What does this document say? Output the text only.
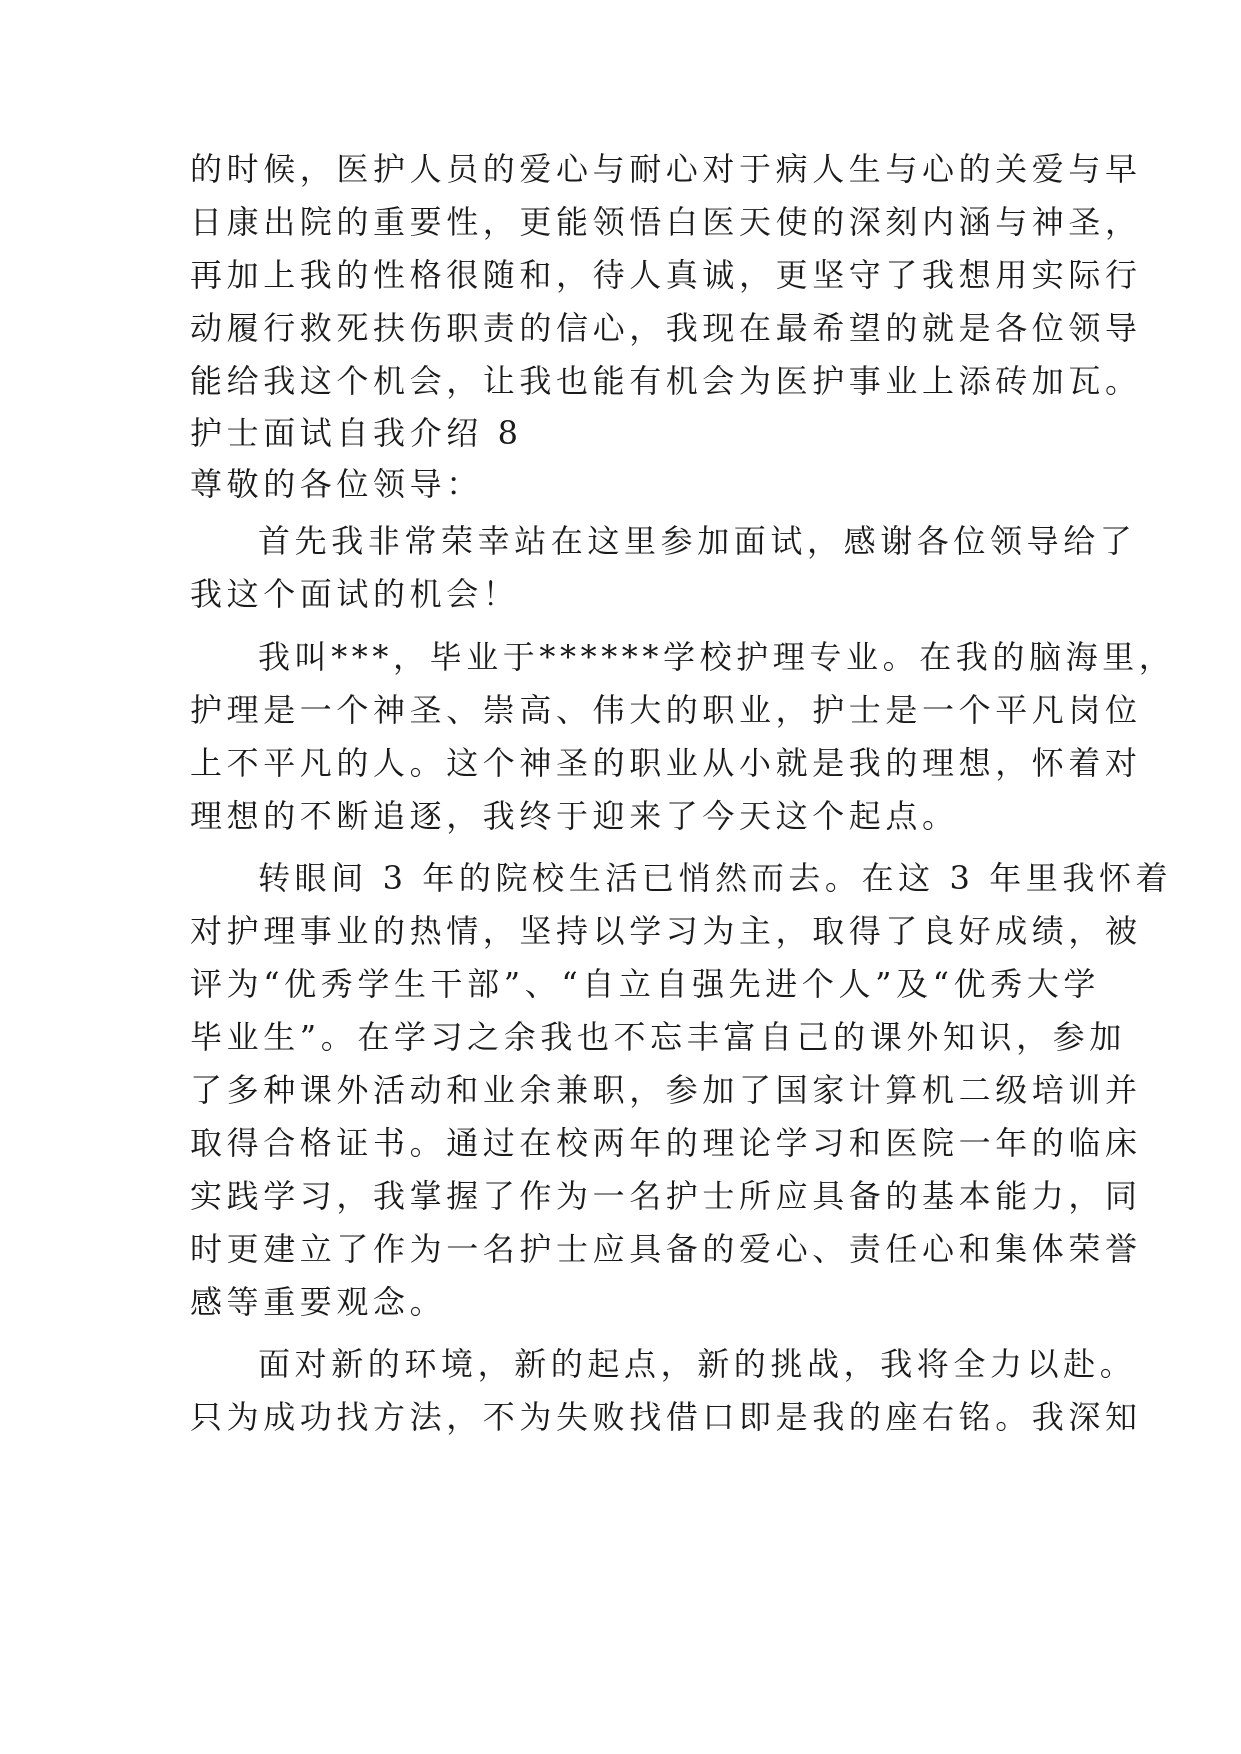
的时候，医护人员的爱心与耐心对于病人生与心的关爱与早
日康出院的重要性，更能领悟白医天使的深刻内涵与神圣，
再加上我的性格很随和，待人真诚，更坚守了我想用实际行
动履行救死扶伤职责的信心，我现在最希望的就是各位领导
能给我这个机会，让我也能有机会为医护事业上添砖加瓦。
护士面试自我介绍 8
尊敬的各位领导：
首先我非常荣幸站在这里参加面试，感谢各位领导给了
我这个面试的机会！
我叫***，毕业于******学校护理专业。在我的脑海里，
护理是一个神圣、崇高、伟大的职业，护士是一个平凡岗位
上不平凡的人。这个神圣的职业从小就是我的理想，怀着对
理想的不断追逐，我终于迎来了今天这个起点。
转眼间 3 年的院校生活已悄然而去。在这 3 年里我怀着
对护理事业的热情，坚持以学习为主，取得了良好成绩，被
评为“优秀学生干部”、“自立自强先进个人”及“优秀大学
毕业生”。在学习之余我也不忘丰富自己的课外知识，参加
了多种课外活动和业余兼职，参加了国家计算机二级培训并
取得合格证书。通过在校两年的理论学习和医院一年的临床
实践学习，我掌握了作为一名护士所应具备的基本能力，同
时更建立了作为一名护士应具备的爱心、责任心和集体荣誉
感等重要观念。
面对新的环境，新的起点，新的挑战，我将全力以赴。
只为成功找方法，不为失败找借口即是我的座右铭。我深知
